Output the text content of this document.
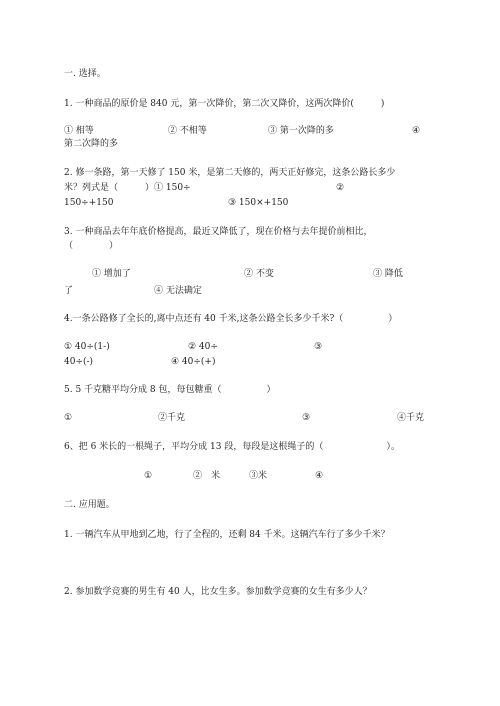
一. 选择。
1. 一种商品的原价是 840 元，第一次降价，第二次又降价，这两次降价(　　　)
① 相等	② 不相等	③ 第一次降的多	④
第二次降的多
2. 修一条路，第一天修了 150 米，是第二天修的，两天正好修完，这条公路长多少
米？列式是（　　　）① 150÷	②
150÷+150	③ 150×+150
3. 一种商品去年年底价格提高，最近又降低了，现在价格与去年提价前相比，
（　　　　）
① 增加了	② 不变	③ 降低
了	④ 无法确定
4.一条公路修了全长的,离中点还有 40 千米,这条公路全长多少千米?（　　　　　）
① 40÷(1-)	② 40÷	③
40÷(-)	④ 40÷(+)
5. 5 千克糖平均分成 8 包，每包糖重（　　　　　）
①	②千克	③	④千克
6、把 6 米长的一根绳子，平均分成 13 段，每段是这根绳子的（　　　　　　　）。
①	②　米	③米	④
二. 应用题。
1. 一辆汽车从甲地到乙地，行了全程的，还剩 84 千米。这辆汽车行了多少千米？
2. 参加数学竞赛的男生有 40 人，比女生多。参加数学竞赛的女生有多少人？
